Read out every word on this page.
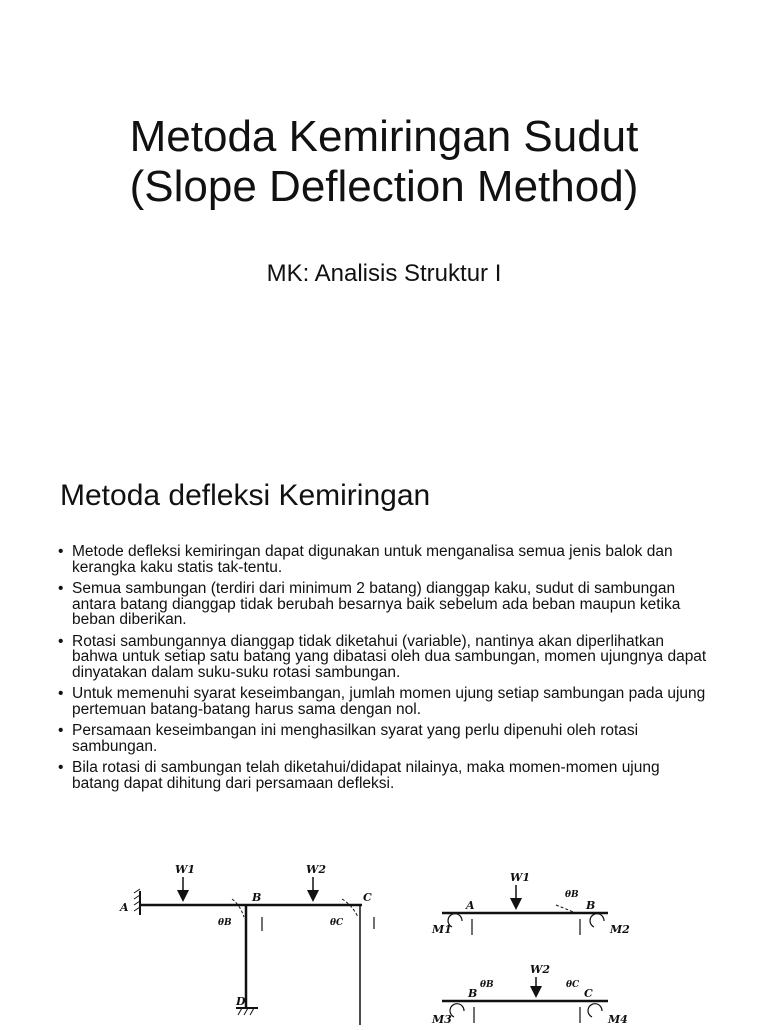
Metoda Kemiringan Sudut
(Slope Deflection Method)
MK: Analisis Struktur I
Metoda defleksi Kemiringan
• Metode defleksi kemiringan dapat digunakan untuk menganalisa semua jenis balok dan kerangka kaku statis tak-tentu.
• Semua sambungan (terdiri dari minimum 2 batang) dianggap kaku, sudut di sambungan antara batang dianggap tidak berubah besarnya baik sebelum ada beban maupun ketika beban diberikan.
• Rotasi sambungannya dianggap tidak diketahui (variable), nantinya akan diperlihatkan bahwa untuk setiap satu batang yang dibatasi oleh dua sambungan, momen ujungnya dapat dinyatakan dalam suku-suku rotasi sambungan.
• Untuk memenuhi syarat keseimbangan, jumlah momen ujung setiap sambungan pada ujung pertemuan batang-batang harus sama dengan nol.
• Persamaan keseimbangan ini menghasilkan syarat yang perlu dipenuhi oleh rotasi sambungan.
• Bila rotasi di sambungan telah diketahui/didapat nilainya, maka momen-momen ujung batang dapat dihitung dari persamaan defleksi.
A
W1	W2
B	C
θB	θC
D
W1
A	B
θB
M1	M2
W2
B	C
θB	θC
M3	M4
